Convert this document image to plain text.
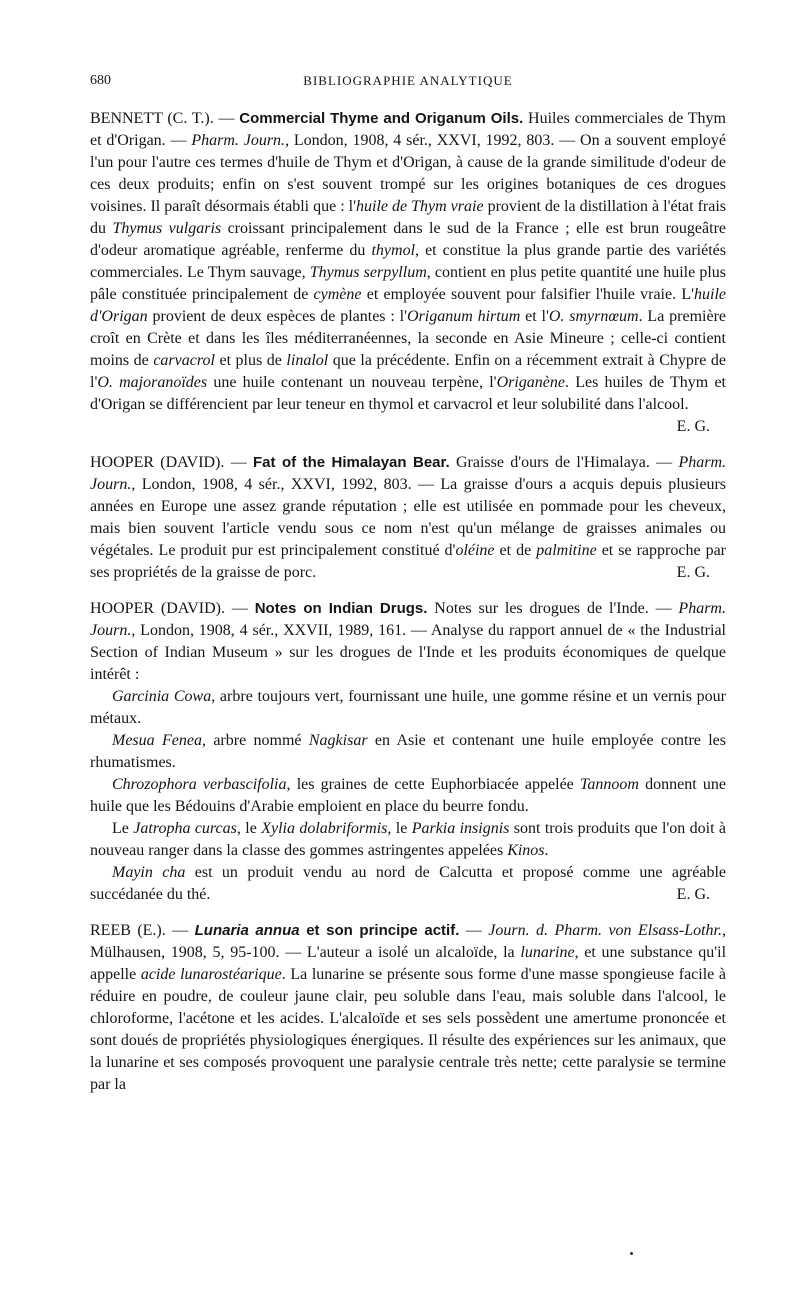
680	BIBLIOGRAPHIE ANALYTIQUE

BENNETT (C. T.). — Commercial Thyme and Origanum Oils. Huiles commerciales de Thym et d'Origan. — Pharm. Journ., London, 1908, 4 sér., XXVI, 1992, 803. — On a souvent employé l'un pour l'autre ces termes d'huile de Thym et d'Origan, à cause de la grande similitude d'odeur de ces deux produits; enfin on s'est souvent trompé sur les origines botaniques de ces drogues voisines. Il paraît désormais établi que : l'huile de Thym vraie provient de la distillation à l'état frais du Thymus vulgaris croissant principalement dans le sud de la France ; elle est brun rougeâtre d'odeur aromatique agréable, renferme du thymol, et constitue la plus grande partie des variétés commerciales. Le Thym sauvage, Thymus serpyllum, contient en plus petite quantité une huile plus pâle constituée principalement de cymène et employée souvent pour falsifier l'huile vraie. L'huile d'Origan provient de deux espèces de plantes : l'Origanum hirtum et l'O. smyrnœum. La première croît en Crète et dans les îles méditerranéennes, la seconde en Asie Mineure ; celle-ci contient moins de carvacrol et plus de linalol que la précédente. Enfin on a récemment extrait à Chypre de l'O. majoranoïdes une huile contenant un nouveau terpène, l'Origanène. Les huiles de Thym et d'Origan se différencient par leur teneur en thymol et carvacrol et leur solubilité dans l'alcool.
E. G.

HOOPER (DAVID). — Fat of the Himalayan Bear. Graisse d'ours de l'Himalaya. — Pharm. Journ., London, 1908, 4 sér., XXVI, 1992, 803. — La graisse d'ours a acquis depuis plusieurs années en Europe une assez grande réputation ; elle est utilisée en pommade pour les cheveux, mais bien souvent l'article vendu sous ce nom n'est qu'un mélange de graisses animales ou végétales. Le produit pur est principalement constitué d'oléine et de palmitine et se rapproche par ses propriétés de la graisse de porc.	E. G.

HOOPER (DAVID). — Notes on Indian Drugs. Notes sur les drogues de l'Inde. — Pharm. Journ., London, 1908, 4 sér., XXVII, 1989, 161. — Analyse du rapport annuel de « the Industrial Section of Indian Museum » sur les drogues de l'Inde et les produits économiques de quelque intérêt :

Garcinia Cowa, arbre toujours vert, fournissant une huile, une gomme résine et un vernis pour métaux.

Mesua Fenea, arbre nommé Nagkisar en Asie et contenant une huile employée contre les rhumatismes.

Chrozophora verbascifolia, les graines de cette Euphorbiacée appelée Tannoom donnent une huile que les Bédouins d'Arabie emploient en place du beurre fondu.

Le Jatropha curcas, le Xylia dolabriformis, le Parkia insignis sont trois produits que l'on doit à nouveau ranger dans la classe des gommes astringentes appelées Kinos.

Mayin cha est un produit vendu au nord de Calcutta et proposé comme une agréable succédanée du thé.	E. G.

REEB (E.). — Lunaria annua et son principe actif. — Journ. d. Pharm. von Elsass-Lothr., Mülhausen, 1908, 5, 95-100. — L'auteur a isolé un alcaloïde, la lunarine, et une substance qu'il appelle acide lunarostéarique. La lunarine se présente sous forme d'une masse spongieuse facile à réduire en poudre, de couleur jaune clair, peu soluble dans l'eau, mais soluble dans l'alcool, le chloroforme, l'acétone et les acides. L'alcaloïde et ses sels possèdent une amertume prononcée et sont doués de propriétés physiologiques énergiques. Il résulte des expériences sur les animaux, que la lunarine et ses composés provoquent une paralysie centrale très nette; cette paralysie se termine par la
